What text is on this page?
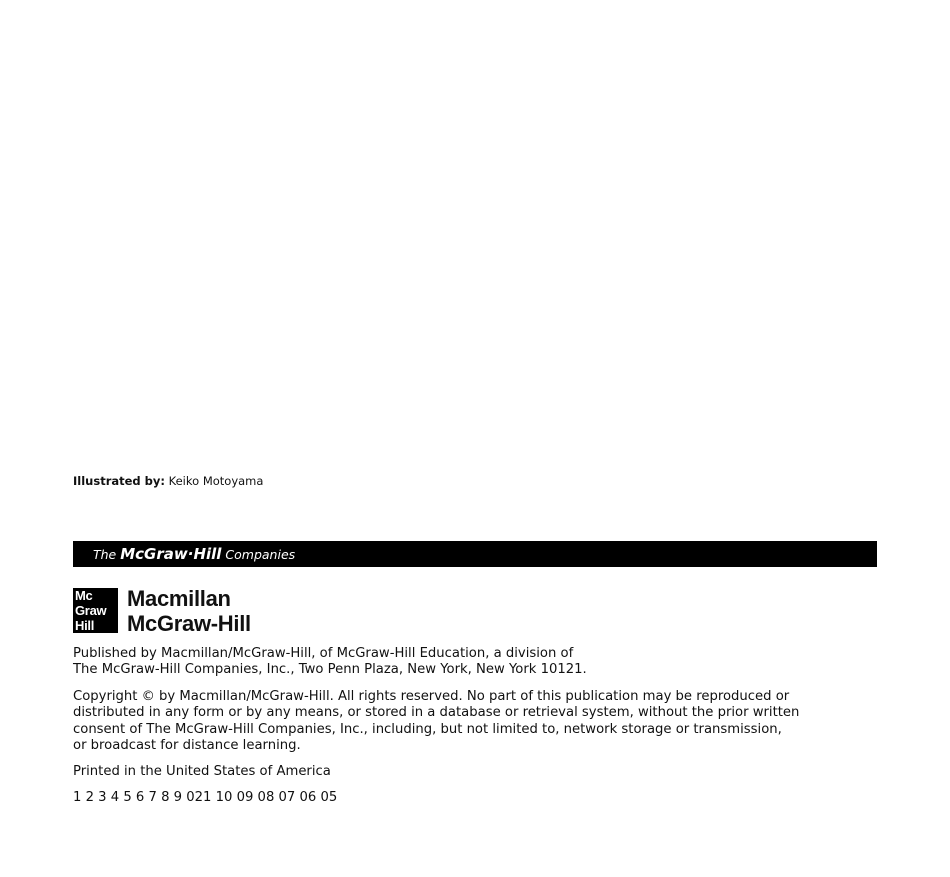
Illustrated by: Keiko Motoyama
The McGraw·Hill Companies
Mc
Graw
Hill
Macmillan
McGraw-Hill
Published by Macmillan/McGraw-Hill, of McGraw-Hill Education, a division of
The McGraw-Hill Companies, Inc., Two Penn Plaza, New York, New York 10121.
Copyright © by Macmillan/McGraw-Hill. All rights reserved. No part of this publication may be reproduced or
distributed in any form or by any means, or stored in a database or retrieval system, without the prior written
consent of The McGraw-Hill Companies, Inc., including, but not limited to, network storage or transmission,
or broadcast for distance learning.
Printed in the United States of America
1 2 3 4 5 6 7 8 9 021 10 09 08 07 06 05
